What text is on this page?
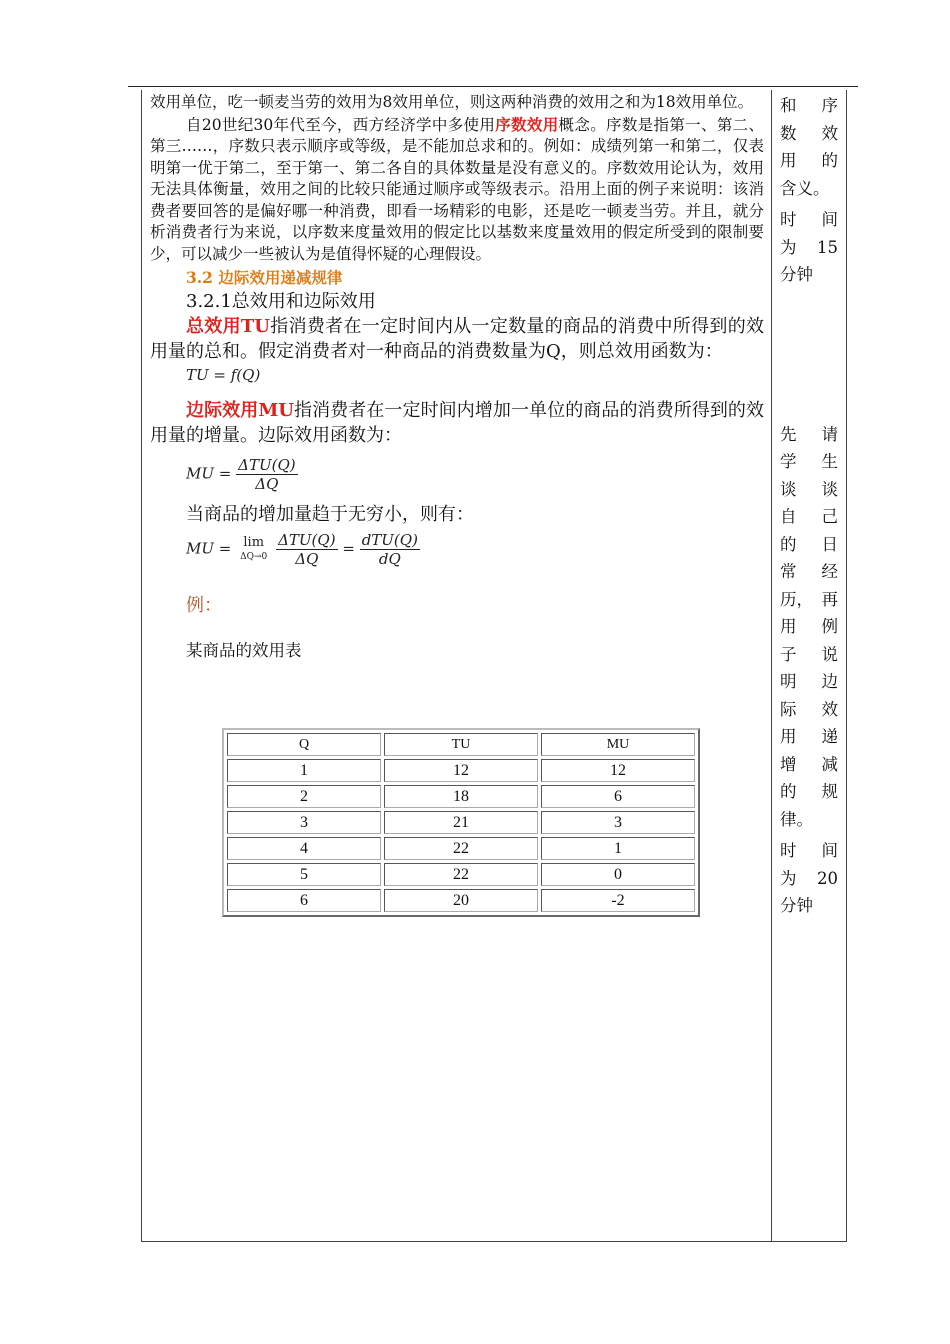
效用单位，吃一顿麦当劳的效用为8效用单位，则这两种消费的效用之和为18效用单位。

自20世纪30年代至今，西方经济学中多使用序数效用概念。序数是指第一、第二、第三……，序数只表示顺序或等级，是不能加总求和的。例如：成绩列第一和第二，仅表明第一优于第二，至于第一、第二各自的具体数量是没有意义的。序数效用论认为，效用无法具体衡量，效用之间的比较只能通过顺序或等级表示。沿用上面的例子来说明：该消费者要回答的是偏好哪一种消费，即看一场精彩的电影，还是吃一顿麦当劳。并且，就分析消费者行为来说，以序数来度量效用的假定比以基数来度量效用的假定所受到的限制要少，可以减少一些被认为是值得怀疑的心理假设。

3.2 边际效用递减规律

3.2.1总效用和边际效用

总效用TU指消费者在一定时间内从一定数量的商品的消费中所得到的效用量的总和。假定消费者对一种商品的消费数量为Q，则总效用函数为：

TU = f(Q)

边际效用MU指消费者在一定时间内增加一单位的商品的消费所得到的效用量的增量。边际效用函数为：

MU = $\frac{\text{ΔTU(Q)}}{\Delta Q}$

当商品的增加量趋于无穷小，则有：

MU = lim
ΔQ→0
$\frac{\text{ΔTU(Q)}}{\Delta Q} = \frac{\text{dTU(Q)}}{dQ}$

例：

某商品的效用表

Q	TU	MU
1	12	12
2	18	6
3	21	3
4	22	1
5	22	0
6	20	-2
和 序
数 效
用 的
含义。
时 间
为 15
分钟
先 请
学 生
谈 谈
自 己
的 日
常 经
历， 再
用 例
子 说
明 边
际 效
用 递
增 减
的 规
律。
时 间
为 20
分钟
